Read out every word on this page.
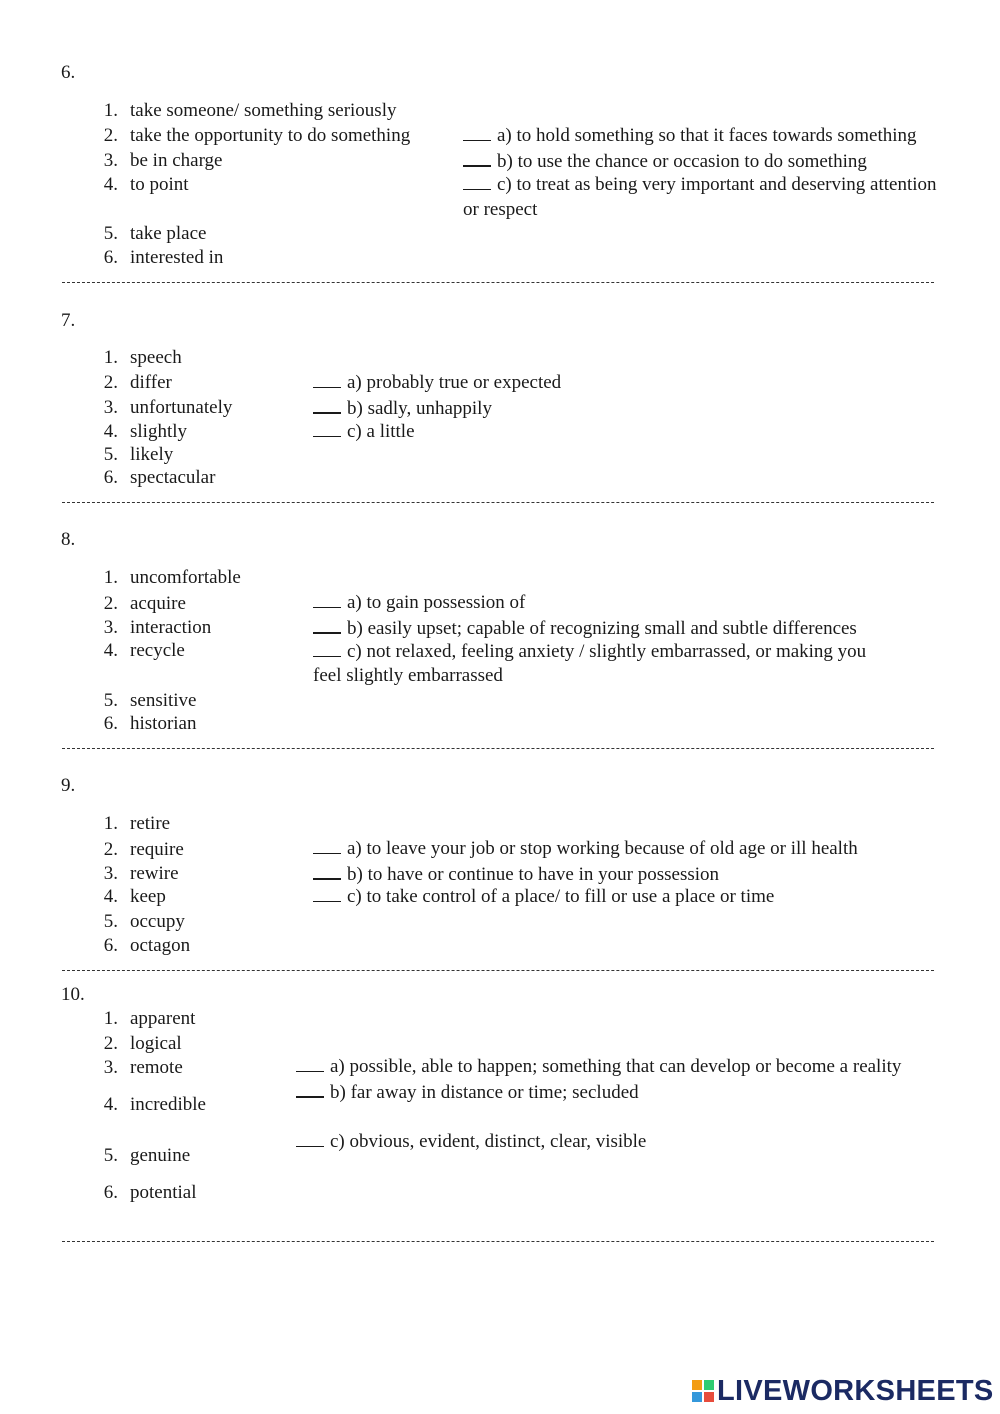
6.
1. take someone/ something seriously
2. take the opportunity to do something
3. be in charge
4. to point
5. take place
6. interested in
a) to hold something so that it faces towards something
b) to use the chance or occasion to do something
c) to treat as being very important and deserving attention
or respect
7.
1. speech
2. differ
3. unfortunately
4. slightly
5. likely
6. spectacular
a) probably true or expected
b) sadly, unhappily
c) a little
8.
1. uncomfortable
2. acquire
3. interaction
4. recycle
5. sensitive
6. historian
a) to gain possession of
b) easily upset; capable of recognizing small and subtle differences
c) not relaxed, feeling anxiety / slightly embarrassed, or making you
feel slightly embarrassed
9.
1. retire
2. require
3. rewire
4. keep
5. occupy
6. octagon
a) to leave your job or stop working because of old age or ill health
b) to have or continue to have in your possession
c) to take control of a place/ to fill or use a place or time
10.
1. apparent
2. logical
3. remote
4. incredible
5. genuine
6. potential
a) possible, able to happen; something that can develop or become a reality
b) far away in distance or time; secluded
c) obvious, evident, distinct, clear, visible
LIVEWORKSHEETS
